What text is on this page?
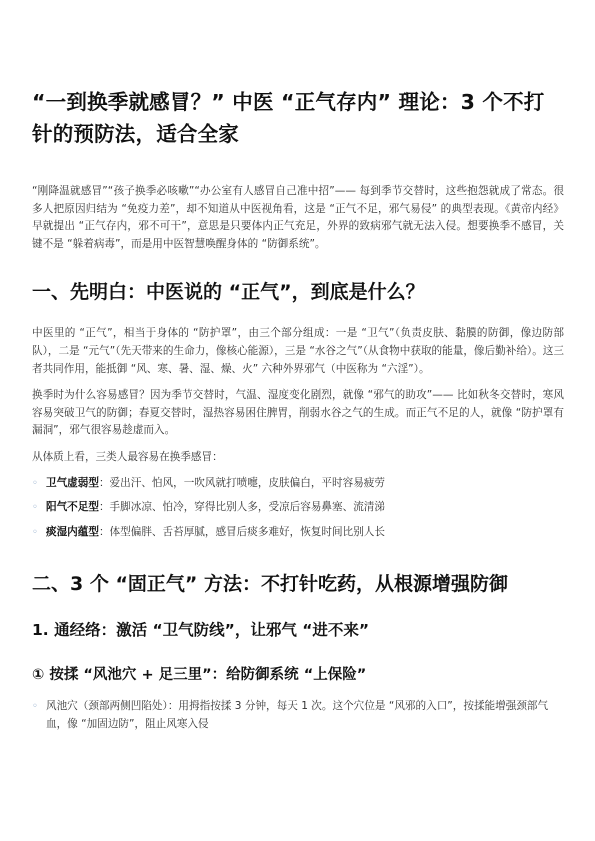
“一到换季就感冒？” 中医 “正气存内” 理论：3 个不打针的预防法，适合全家

“刚降温就感冒”“孩子换季必咳嗽”“办公室有人感冒自己准中招”—— 每到季节交替时，这些抱怨就成了常态。很多人把原因归结为 “免疫力差”，却不知道从中医视角看，这是 “正气不足，邪气易侵” 的典型表现。《黄帝内经》早就提出 “正气存内，邪不可干”，意思是只要体内正气充足，外界的致病邪气就无法入侵。想要换季不感冒，关键不是 “躲着病毒”，而是用中医智慧唤醒身体的 “防御系统”。

一、先明白：中医说的 “正气”，到底是什么？

中医里的 “正气”，相当于身体的 “防护罩”，由三个部分组成：一是 “卫气”（负责皮肤、黏膜的防御，像边防部队），二是 “元气”（先天带来的生命力，像核心能源），三是 “水谷之气”（从食物中获取的能量，像后勤补给）。这三者共同作用，能抵御 “风、寒、暑、湿、燥、火” 六种外界邪气（中医称为 “六淫”）。

换季时为什么容易感冒？因为季节交替时，气温、湿度变化剧烈，就像 “邪气的助攻”—— 比如秋冬交替时，寒风容易突破卫气的防御；春夏交替时，湿热容易困住脾胃，削弱水谷之气的生成。而正气不足的人，就像 “防护罩有漏洞”，邪气很容易趁虚而入。

从体质上看，三类人最容易在换季感冒：

◦ 卫气虚弱型：爱出汗、怕风，一吹风就打喷嚏，皮肤偏白，平时容易疲劳
◦ 阳气不足型：手脚冰凉、怕冷，穿得比别人多，受凉后容易鼻塞、流清涕
◦ 痰湿内蕴型：体型偏胖、舌苔厚腻，感冒后痰多难好，恢复时间比别人长
二、3 个 “固正气” 方法：不打针吃药，从根源增强防御
1. 通经络：激活 “卫气防线”，让邪气 “进不来”
① 按揉 “风池穴 + 足三里”：给防御系统 “上保险”
◦ 风池穴（颈部两侧凹陷处）：用拇指按揉 3 分钟，每天 1 次。这个穴位是 “风邪的入口”，按揉能增强颈部气血，像 “加固边防”，阻止风寒入侵
